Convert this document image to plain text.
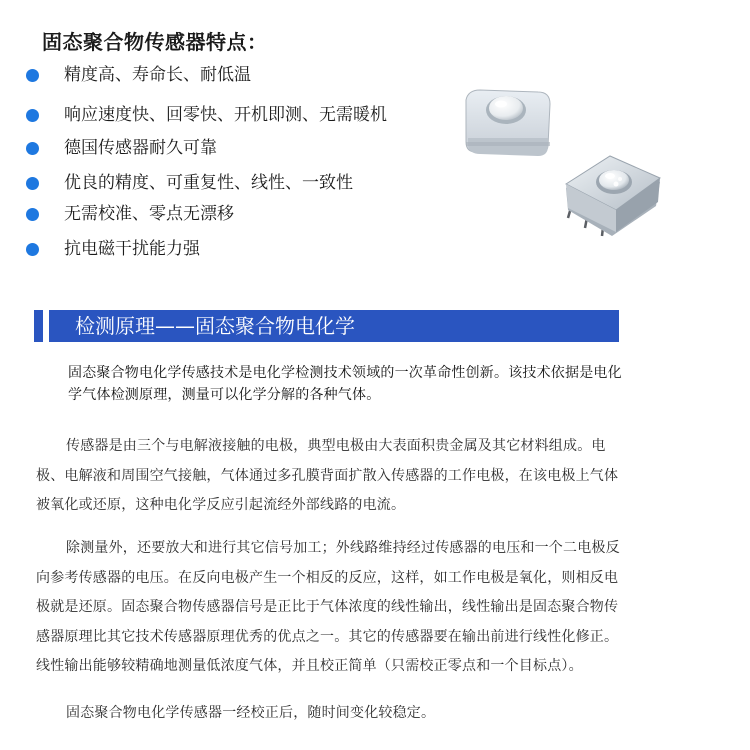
固态聚合物传感器特点：
精度高、寿命长、耐低温
响应速度快、回零快、开机即测、无需暖机
德国传感器耐久可靠
优良的精度、可重复性、线性、一致性
无需校准、零点无漂移
抗电磁干扰能力强
检测原理——固态聚合物电化学

固态聚合物电化学传感技术是电化学检测技术领域的一次革命性创新。该技术依据是电化学气体检测原理，测量可以化学分解的各种气体。

传感器是由三个与电解液接触的电极，典型电极由大表面积贵金属及其它材料组成。电极、电解液和周围空气接触，气体通过多孔膜背面扩散入传感器的工作电极，在该电极上气体被氧化或还原，这种电化学反应引起流经外部线路的电流。

除测量外，还要放大和进行其它信号加工；外线路维持经过传感器的电压和一个二电极反向参考传感器的电压。在反向电极产生一个相反的反应，这样，如工作电极是氧化，则相反电极就是还原。固态聚合物传感器信号是正比于气体浓度的线性输出，线性输出是固态聚合物传感器原理比其它技术传感器原理优秀的优点之一。其它的传感器要在输出前进行线性化修正。线性输出能够较精确地测量低浓度气体，并且校正简单（只需校正零点和一个目标点）。

固态聚合物电化学传感器一经校正后，随时间变化较稳定。
